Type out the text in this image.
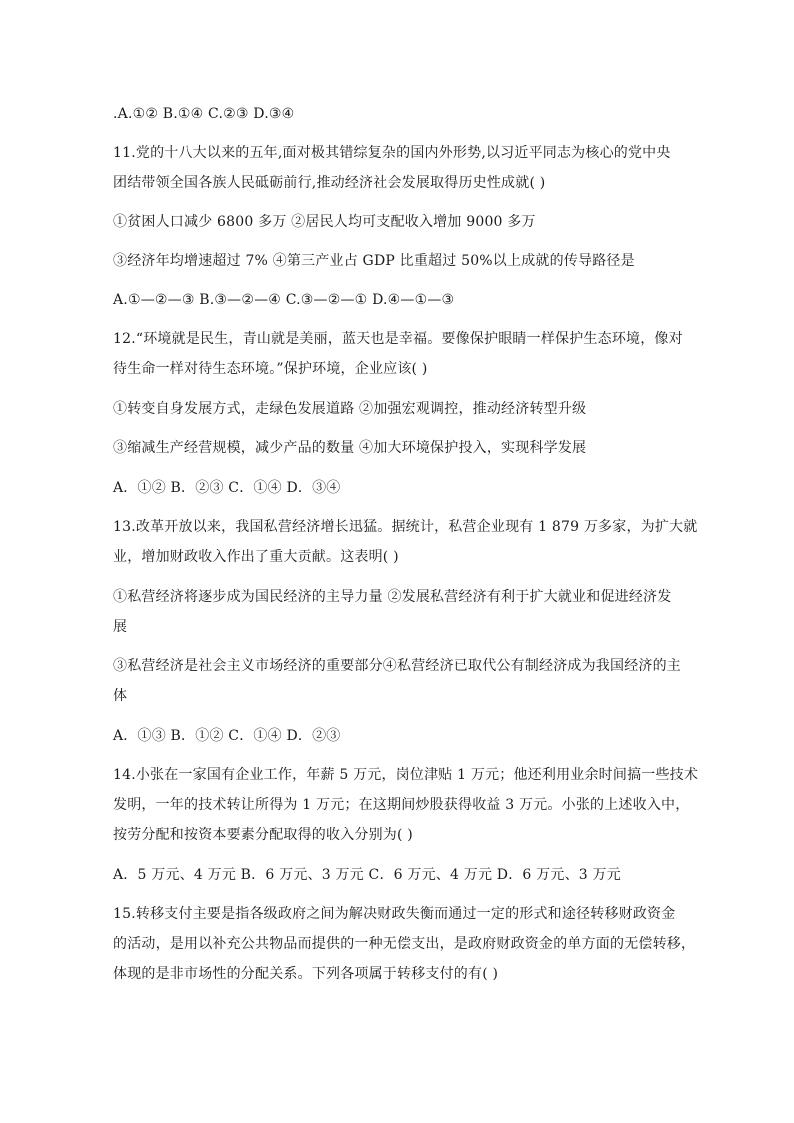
.A.①② B.①④ C.②③ D.③④
11.党的十八大以来的五年,面对极其错综复杂的国内外形势,以习近平同志为核心的党中央
团结带领全国各族人民砥砺前行,推动经济社会发展取得历史性成就( )
①贫困人口减少 6800 多万 ②居民人均可支配收入增加 9000 多万
③经济年均增速超过 7% ④第三产业占 GDP 比重超过 50%以上成就的传导路径是
A.①—②—③ B.③—②—④ C.③—②—① D.④—①—③
12.“环境就是民生，青山就是美丽，蓝天也是幸福。要像保护眼睛一样保护生态环境，像对
待生命一样对待生态环境。”保护环境，企业应该( )
①转变自身发展方式，走绿色发展道路 ②加强宏观调控，推动经济转型升级
③缩减生产经营规模，减少产品的数量 ④加大环境保护投入，实现科学发展
A．①② B．②③ C．①④ D．③④
13.改革开放以来，我国私营经济增长迅猛。据统计，私营企业现有 1 879 万多家，为扩大就
业，增加财政收入作出了重大贡献。这表明( )
①私营经济将逐步成为国民经济的主导力量 ②发展私营经济有利于扩大就业和促进经济发
展
③私营经济是社会主义市场经济的重要部分④私营经济已取代公有制经济成为我国经济的主
体
A．①③ B．①② C．①④ D．②③
14.小张在一家国有企业工作，年薪 5 万元，岗位津贴 1 万元；他还利用业余时间搞一些技术
发明，一年的技术转让所得为 1 万元；在这期间炒股获得收益 3 万元。小张的上述收入中，
按劳分配和按资本要素分配取得的收入分别为( )
A．5 万元、4 万元 B．6 万元、3 万元 C．6 万元、4 万元 D．6 万元、3 万元
15.转移支付主要是指各级政府之间为解决财政失衡而通过一定的形式和途径转移财政资金
的活动，是用以补充公共物品而提供的一种无偿支出，是政府财政资金的单方面的无偿转移，
体现的是非市场性的分配关系。下列各项属于转移支付的有( )
